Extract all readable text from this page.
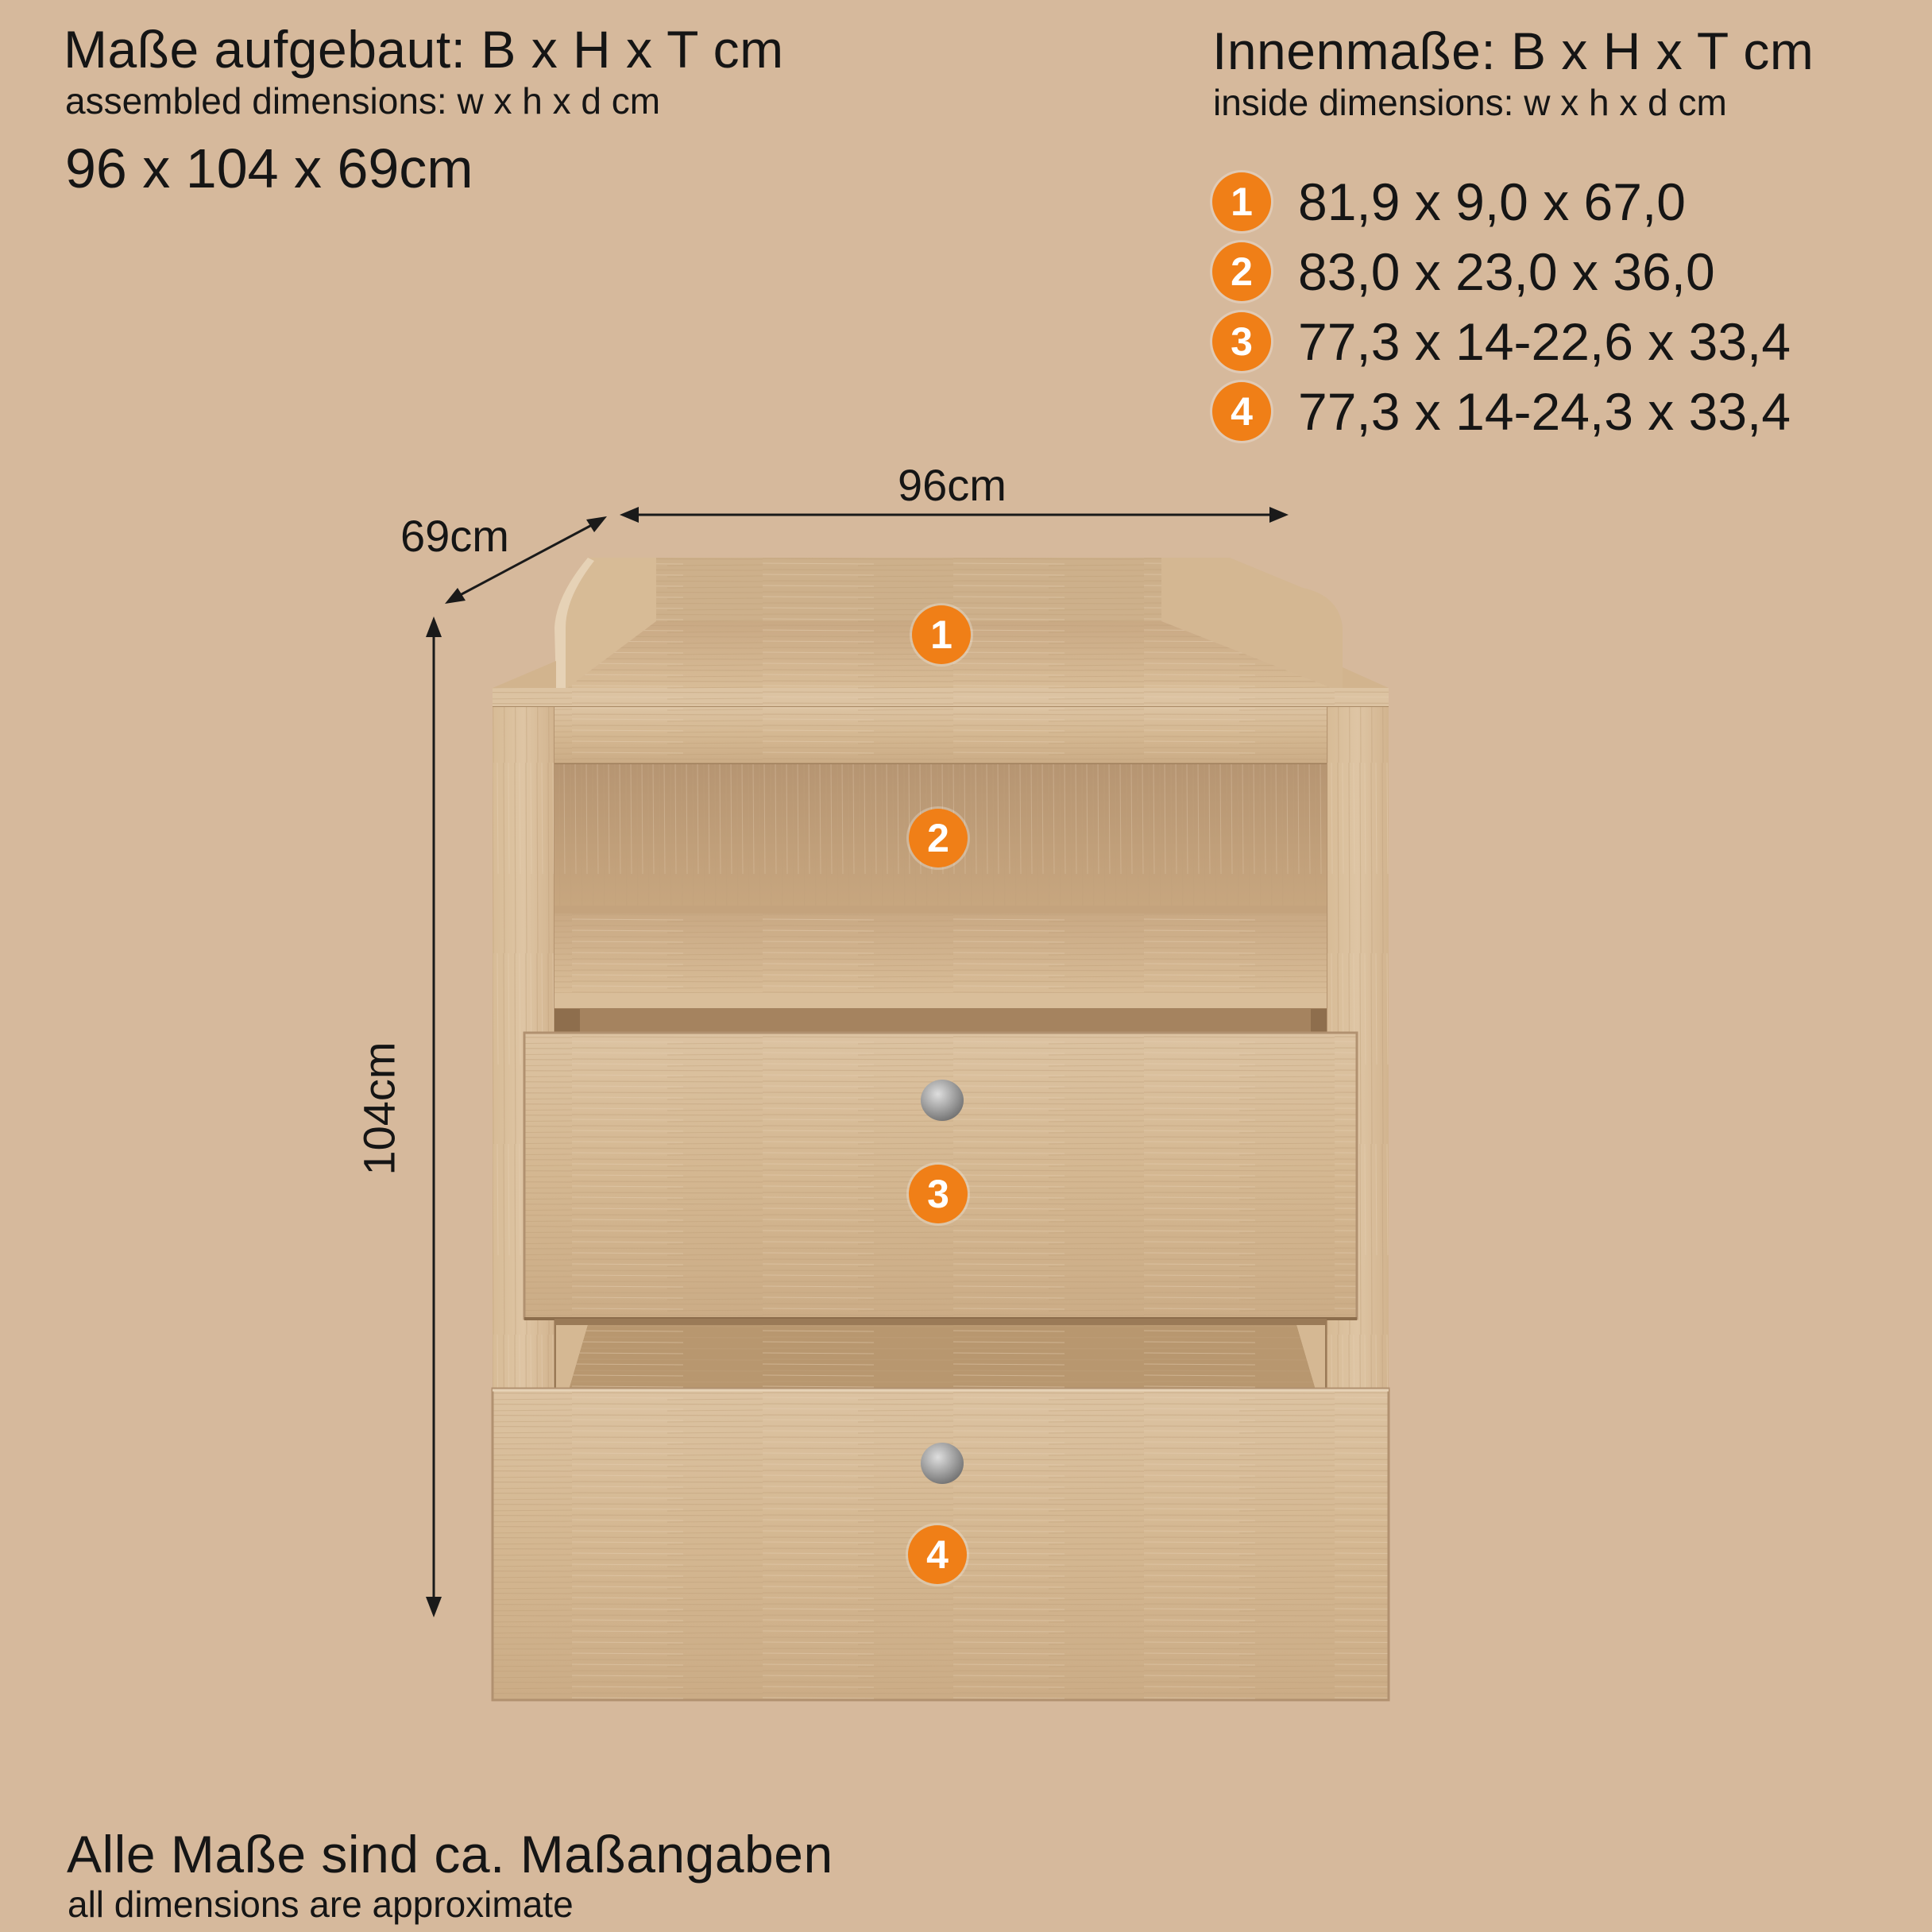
Maße aufgebaut: B x H x T cm
assembled dimensions: w x h x d cm
96 x 104 x 69cm
Innenmaße: B x H x T cm
inside dimensions: w x h x d cm
1 81,9 x 9,0 x 67,0
2 83,0 x 23,0 x 36,0
3 77,3 x 14-22,6 x 33,4
4 77,3 x 14-24,3 x 33,4
96cm
69cm
104cm
1
2
3
4
Alle Maße sind ca. Maßangaben
all dimensions are approximate
